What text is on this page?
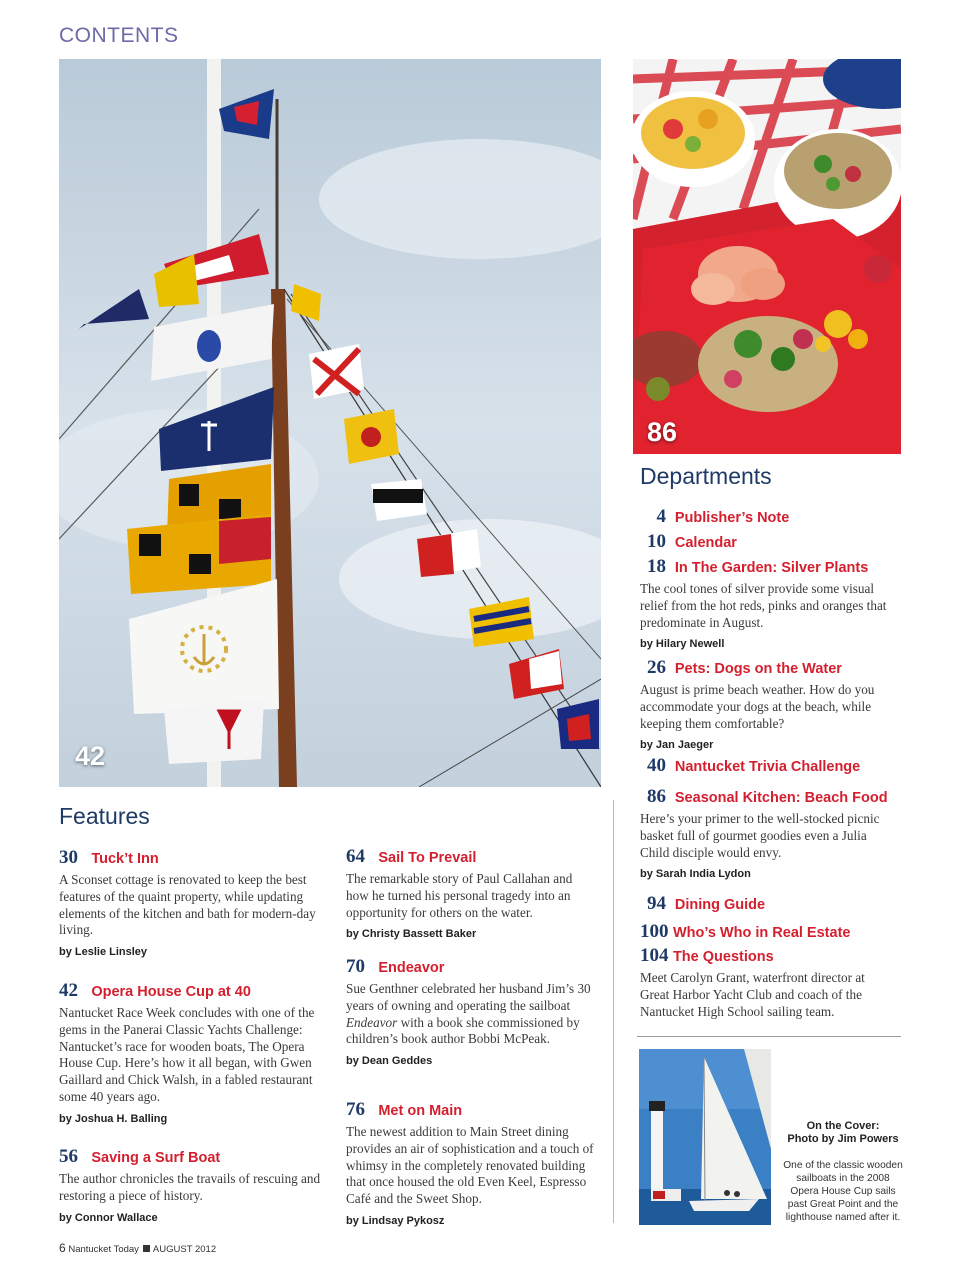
CONTENTS
42
86
Departments
4 Publisher’s Note
10 Calendar
18 In The Garden: Silver Plants
The cool tones of silver provide some visual relief from the hot reds, pinks and oranges that predominate in August.
by Hilary Newell
26 Pets: Dogs on the Water
August is prime beach weather. How do you accommodate your dogs at the beach, while keeping them comfortable?
by Jan Jaeger
40 Nantucket Trivia Challenge
86 Seasonal Kitchen: Beach Food
Here’s your primer to the well-stocked picnic basket full of gourmet goodies even a Julia Child disciple would envy.
by Sarah India Lydon
94 Dining Guide
100 Who’s Who in Real Estate
104 The Questions
Meet Carolyn Grant, waterfront director at Great Harbor Yacht Club and coach of the Nantucket High School sailing team.
Features
30 Tuck’t Inn
A Sconset cottage is renovated to keep the best features of the quaint property, while updating elements of the kitchen and bath for modern-day living.
by Leslie Linsley
42 Opera House Cup at 40
Nantucket Race Week concludes with one of the gems in the Panerai Classic Yachts Challenge: Nantucket’s race for wooden boats, The Opera House Cup. Here’s how it all began, with Gwen Gaillard and Chick Walsh, in a fabled restaurant some 40 years ago.
by Joshua H. Balling
56 Saving a Surf Boat
The author chronicles the travails of rescuing and restoring a piece of history.
by Connor Wallace
64 Sail To Prevail
The remarkable story of Paul Callahan and how he turned his personal tragedy into an opportunity for others on the water.
by Christy Bassett Baker
70 Endeavor
Sue Genthner celebrated her husband Jim’s 30 years of owning and operating the sailboat Endeavor with a book she commissioned by children’s book author Bobbi McPeak.
by Dean Geddes
76 Met on Main
The newest addition to Main Street dining provides an air of sophistication and a touch of whimsy in the completely renovated building that once housed the old Even Keel, Espresso Café and the Sweet Shop.
by Lindsay Pykosz
On the Cover:
Photo by Jim Powers
One of the classic wooden sailboats in the 2008 Opera House Cup sails past Great Point and the lighthouse named after it.
6 Nantucket Today AUGUST 2012
